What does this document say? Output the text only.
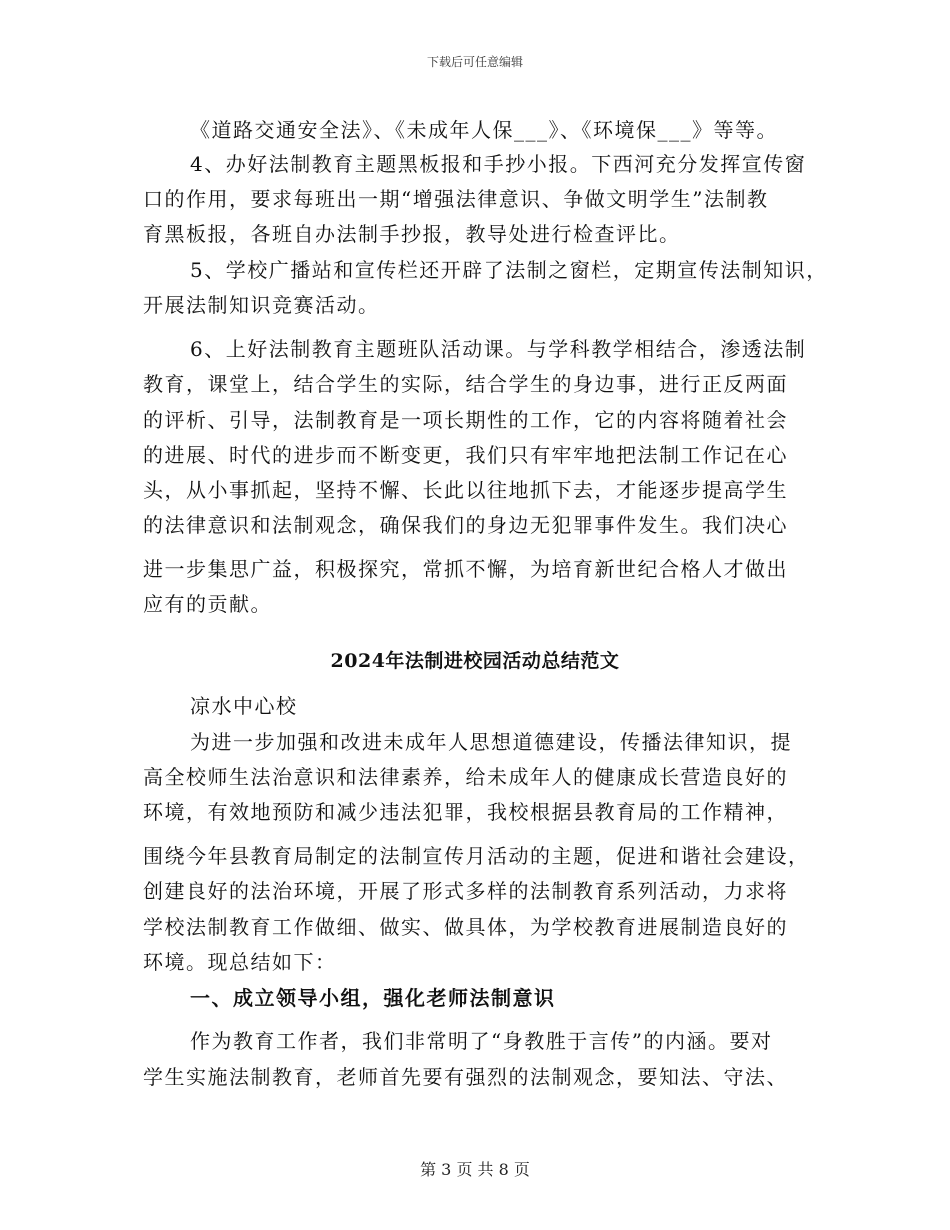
下载后可任意编辑
《道路交通安全法》、《未成年人保___》、《环境保___》等等。
4、办好法制教育主题黑板报和手抄小报。下西河充分发挥宣传窗
口的作用，要求每班出一期“增强法律意识、争做文明学生”法制教
育黑板报，各班自办法制手抄报，教导处进行检查评比。
5、学校广播站和宣传栏还开辟了法制之窗栏，定期宣传法制知识，
开展法制知识竞赛活动。
6、上好法制教育主题班队活动课。与学科教学相结合，渗透法制
教育，课堂上，结合学生的实际，结合学生的身边事，进行正反两面
的评析、引导，法制教育是一项长期性的工作，它的内容将随着社会
的进展、时代的进步而不断变更，我们只有牢牢地把法制工作记在心
头，从小事抓起，坚持不懈、长此以往地抓下去，才能逐步提高学生
的法律意识和法制观念，确保我们的身边无犯罪事件发生。我们决心
进一步集思广益，积极探究，常抓不懈，为培育新世纪合格人才做出
应有的贡献。
2024年法制进校园活动总结范文
凉水中心校
为进一步加强和改进未成年人思想道德建设，传播法律知识，提
高全校师生法治意识和法律素养，给未成年人的健康成长营造良好的
环境，有效地预防和减少违法犯罪，我校根据县教育局的工作精神，
围绕今年县教育局制定的法制宣传月活动的主题，促进和谐社会建设，
创建良好的法治环境，开展了形式多样的法制教育系列活动，力求将
学校法制教育工作做细、做实、做具体，为学校教育进展制造良好的
环境。现总结如下：
一、成立领导小组，强化老师法制意识
作为教育工作者，我们非常明了“身教胜于言传”的内涵。要对
学生实施法制教育，老师首先要有强烈的法制观念，要知法、守法、
第 3 页 共 8 页
